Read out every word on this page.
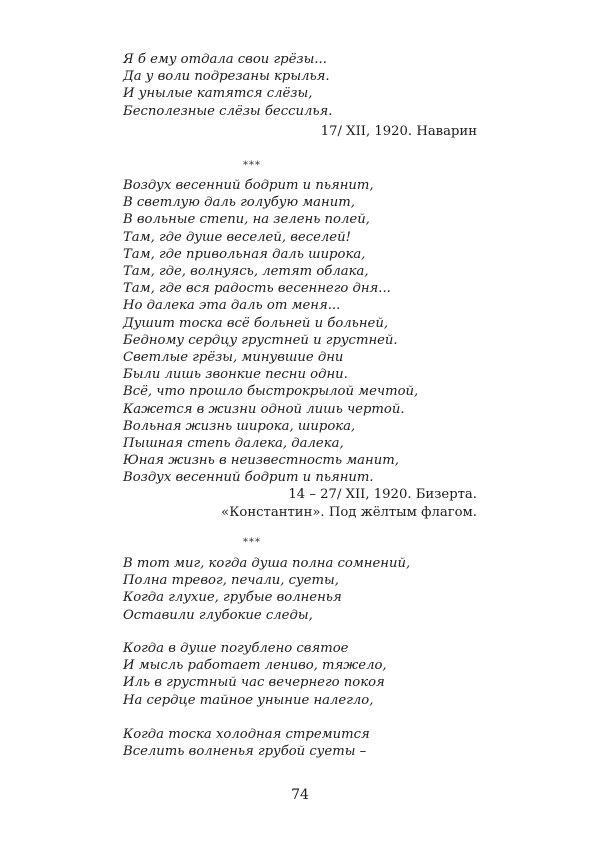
Я б ему отдала свои грёзы...
Да у воли подрезаны крылья.
И унылые катятся слёзы,
Бесполезные слёзы бессилья.
17/ XII, 1920. Наварин
***
Воздух весенний бодрит и пьянит,
В светлую даль голубую манит,
В вольные степи, на зелень полей,
Там, где душе веселей, веселей!
Там, где привольная даль широка,
Там, где, волнуясь, летят облака,
Там, где вся радость весеннего дня...
Но далека эта даль от меня...
Душит тоска всё больней и больней,
Бедному сердцу грустней и грустней.
Светлые грёзы, минувшие дни
Были лишь звонкие песни одни.
Всё, что прошло быстрокрылой мечтой,
Кажется в жизни одной лишь чертой.
Вольная жизнь широка, широка,
Пышная степь далека, далека,
Юная жизнь в неизвестность манит,
Воздух весенний бодрит и пьянит.
14 – 27/ XII, 1920. Бизерта.
«Константин». Под жёлтым флагом.
***
В тот миг, когда душа полна сомнений,
Полна тревог, печали, суеты,
Когда глухие, грубые волненья
Оставили глубокие следы,
Когда в душе погублено святое
И мысль работает лениво, тяжело,
Иль в грустный час вечернего покоя
На сердце тайное уныние налегло,
Когда тоска холодная стремится
Вселить волненья грубой суеты –
74
